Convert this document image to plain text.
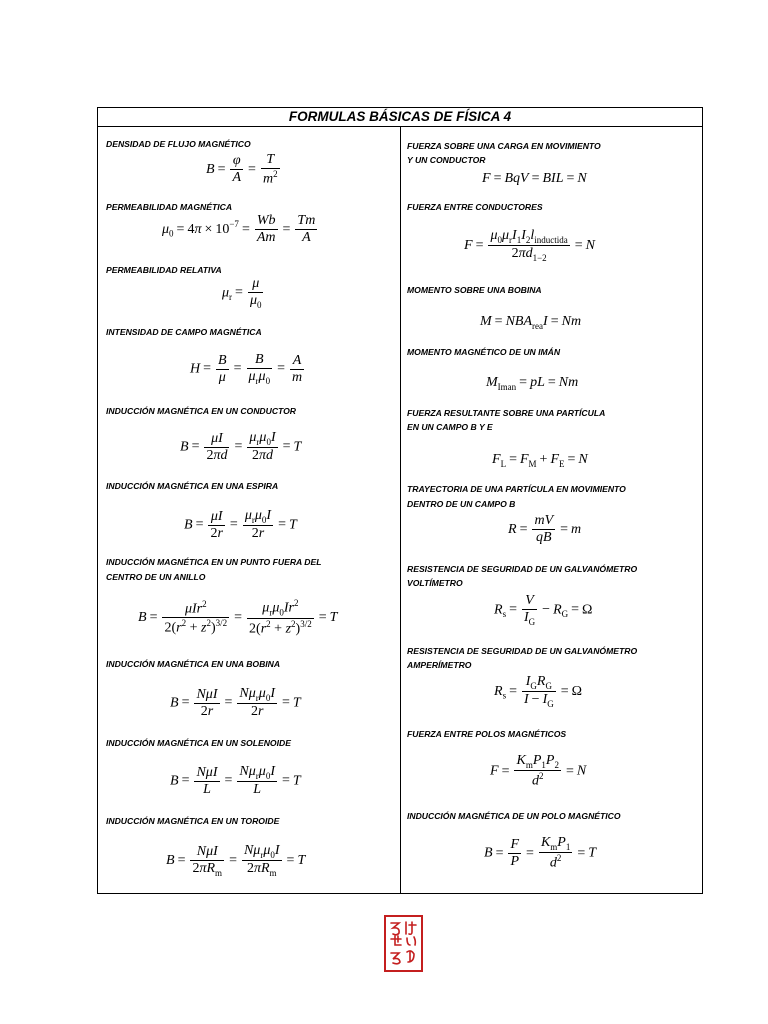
FORMULAS BÁSICAS DE FÍSICA 4
DENSIDAD DE FLUJO MAGNÉTICO
$B = \frac{\varphi}{A} = \frac{T}{m^2}$
PERMEABILIDAD MAGNÉTICA
$\mu_0 = 4\pi \times 10^{-7} = \frac{Wb}{Am} = \frac{Tm}{A}$
PERMEABILIDAD RELATIVA
$\mu_r = \frac{\mu}{\mu_0}$
INTENSIDAD DE CAMPO MAGNÉTICA
$H = \frac{B}{\mu} = \frac{B}{\mu_r\mu_0} = \frac{A}{m}$
INDUCCIÓN MAGNÉTICA EN UN CONDUCTOR
$B = \frac{\mu I}{2\pi d} = \frac{\mu_r\mu_0I}{2\pi d} = T$
INDUCCIÓN MAGNÉTICA EN UNA ESPIRA
$B = \frac{\mu I}{2r} = \frac{\mu_r\mu_0I}{2r} = T$
INDUCCIÓN MAGNÉTICA EN UN PUNTO FUERA DEL
CENTRO DE UN ANILLO
$B = \frac{\mu Ir^2}{2(r^2 + z^2)^{3/2}} = \frac{\mu_r\mu_0Ir^2}{2(r^2 + z^2)^{3/2}} = T$
INDUCCIÓN MAGNÉTICA EN UNA BOBINA
$B = \frac{\text{NμI}}{2r} = \frac{N\mu_r\mu_0I}{2r} = T$
INDUCCIÓN MAGNÉTICA EN UN SOLENOIDE
$B = \frac{\text{NμI}}{L} = \frac{N\mu_r\mu_0I}{L} = T$
INDUCCIÓN MAGNÉTICA EN UN TOROIDE
$B = \frac{\text{NμI}}{2\pi R_m} = \frac{N\mu_r\mu_0I}{2\pi R_m} = T$
FUERZA SOBRE UNA CARGA EN MOVIMIENTO
Y UN CONDUCTOR
F = BqV = BIL = N
FUERZA ENTRE CONDUCTORES
$F = \frac{\mu_0\mu_rI_1I_2l_{inductida}}{2\pi d_{1-2}} = N$
MOMENTO SOBRE UNA BOBINA
$M = NBA_{rea}I = Nm$
MOMENTO MAGNÉTICO DE UN IMÁN
$M_{Iman}$ = pL = Nm
FUERZA RESULTANTE SOBRE UNA PARTÍCULA
EN UN CAMPO B Y E
$F_L = F_M + F_E = N$
TRAYECTORIA DE UNA PARTÍCULA EN MOVIMIENTO
DENTRO DE UN CAMPO B
$R = \frac{mV}{qB} = m$
RESISTENCIA DE SEGURIDAD DE UN GALVANÓMETRO
VOLTÍMETRO
$R_s = \frac{V}{I_G} - R_G = \Omega$
RESISTENCIA DE SEGURIDAD DE UN GALVANÓMETRO
AMPERÍMETRO
$R_s = \frac{I_GR_G}{I - I_G} = \Omega$
FUERZA ENTRE POLOS MAGNÉTICOS
$F = \frac{K_mP_1P_2}{d^2} = N$
INDUCCIÓN MAGNÉTICA DE UN POLO MAGNÉTICO
$B = \frac{F}{P} = \frac{K_mP_1}{d^2} = T$
